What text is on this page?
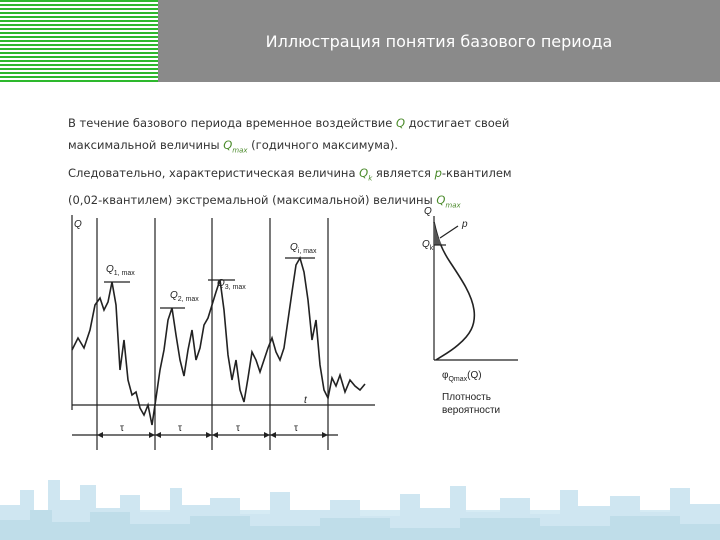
Иллюстрация понятия базового периода

В течение базового периода временное воздействие Q достигает своей максимальной величины $Q_{max}$ (годичного максимума).

Следовательно, характеристическая величина $Q_k$ является p-квантилем (0,02-квантилем) экстремальной (максимальной) величины $Q_{max}$

Q
t
$Q_{1, max}$
$Q_{2, max}$
$Q_{3, max}$
$Q_{i, max}$
τ	τ	τ	τ
Q
p
$Q_k$
$\varphi_{Qmax}(Q)$
Плотность
вероятности
